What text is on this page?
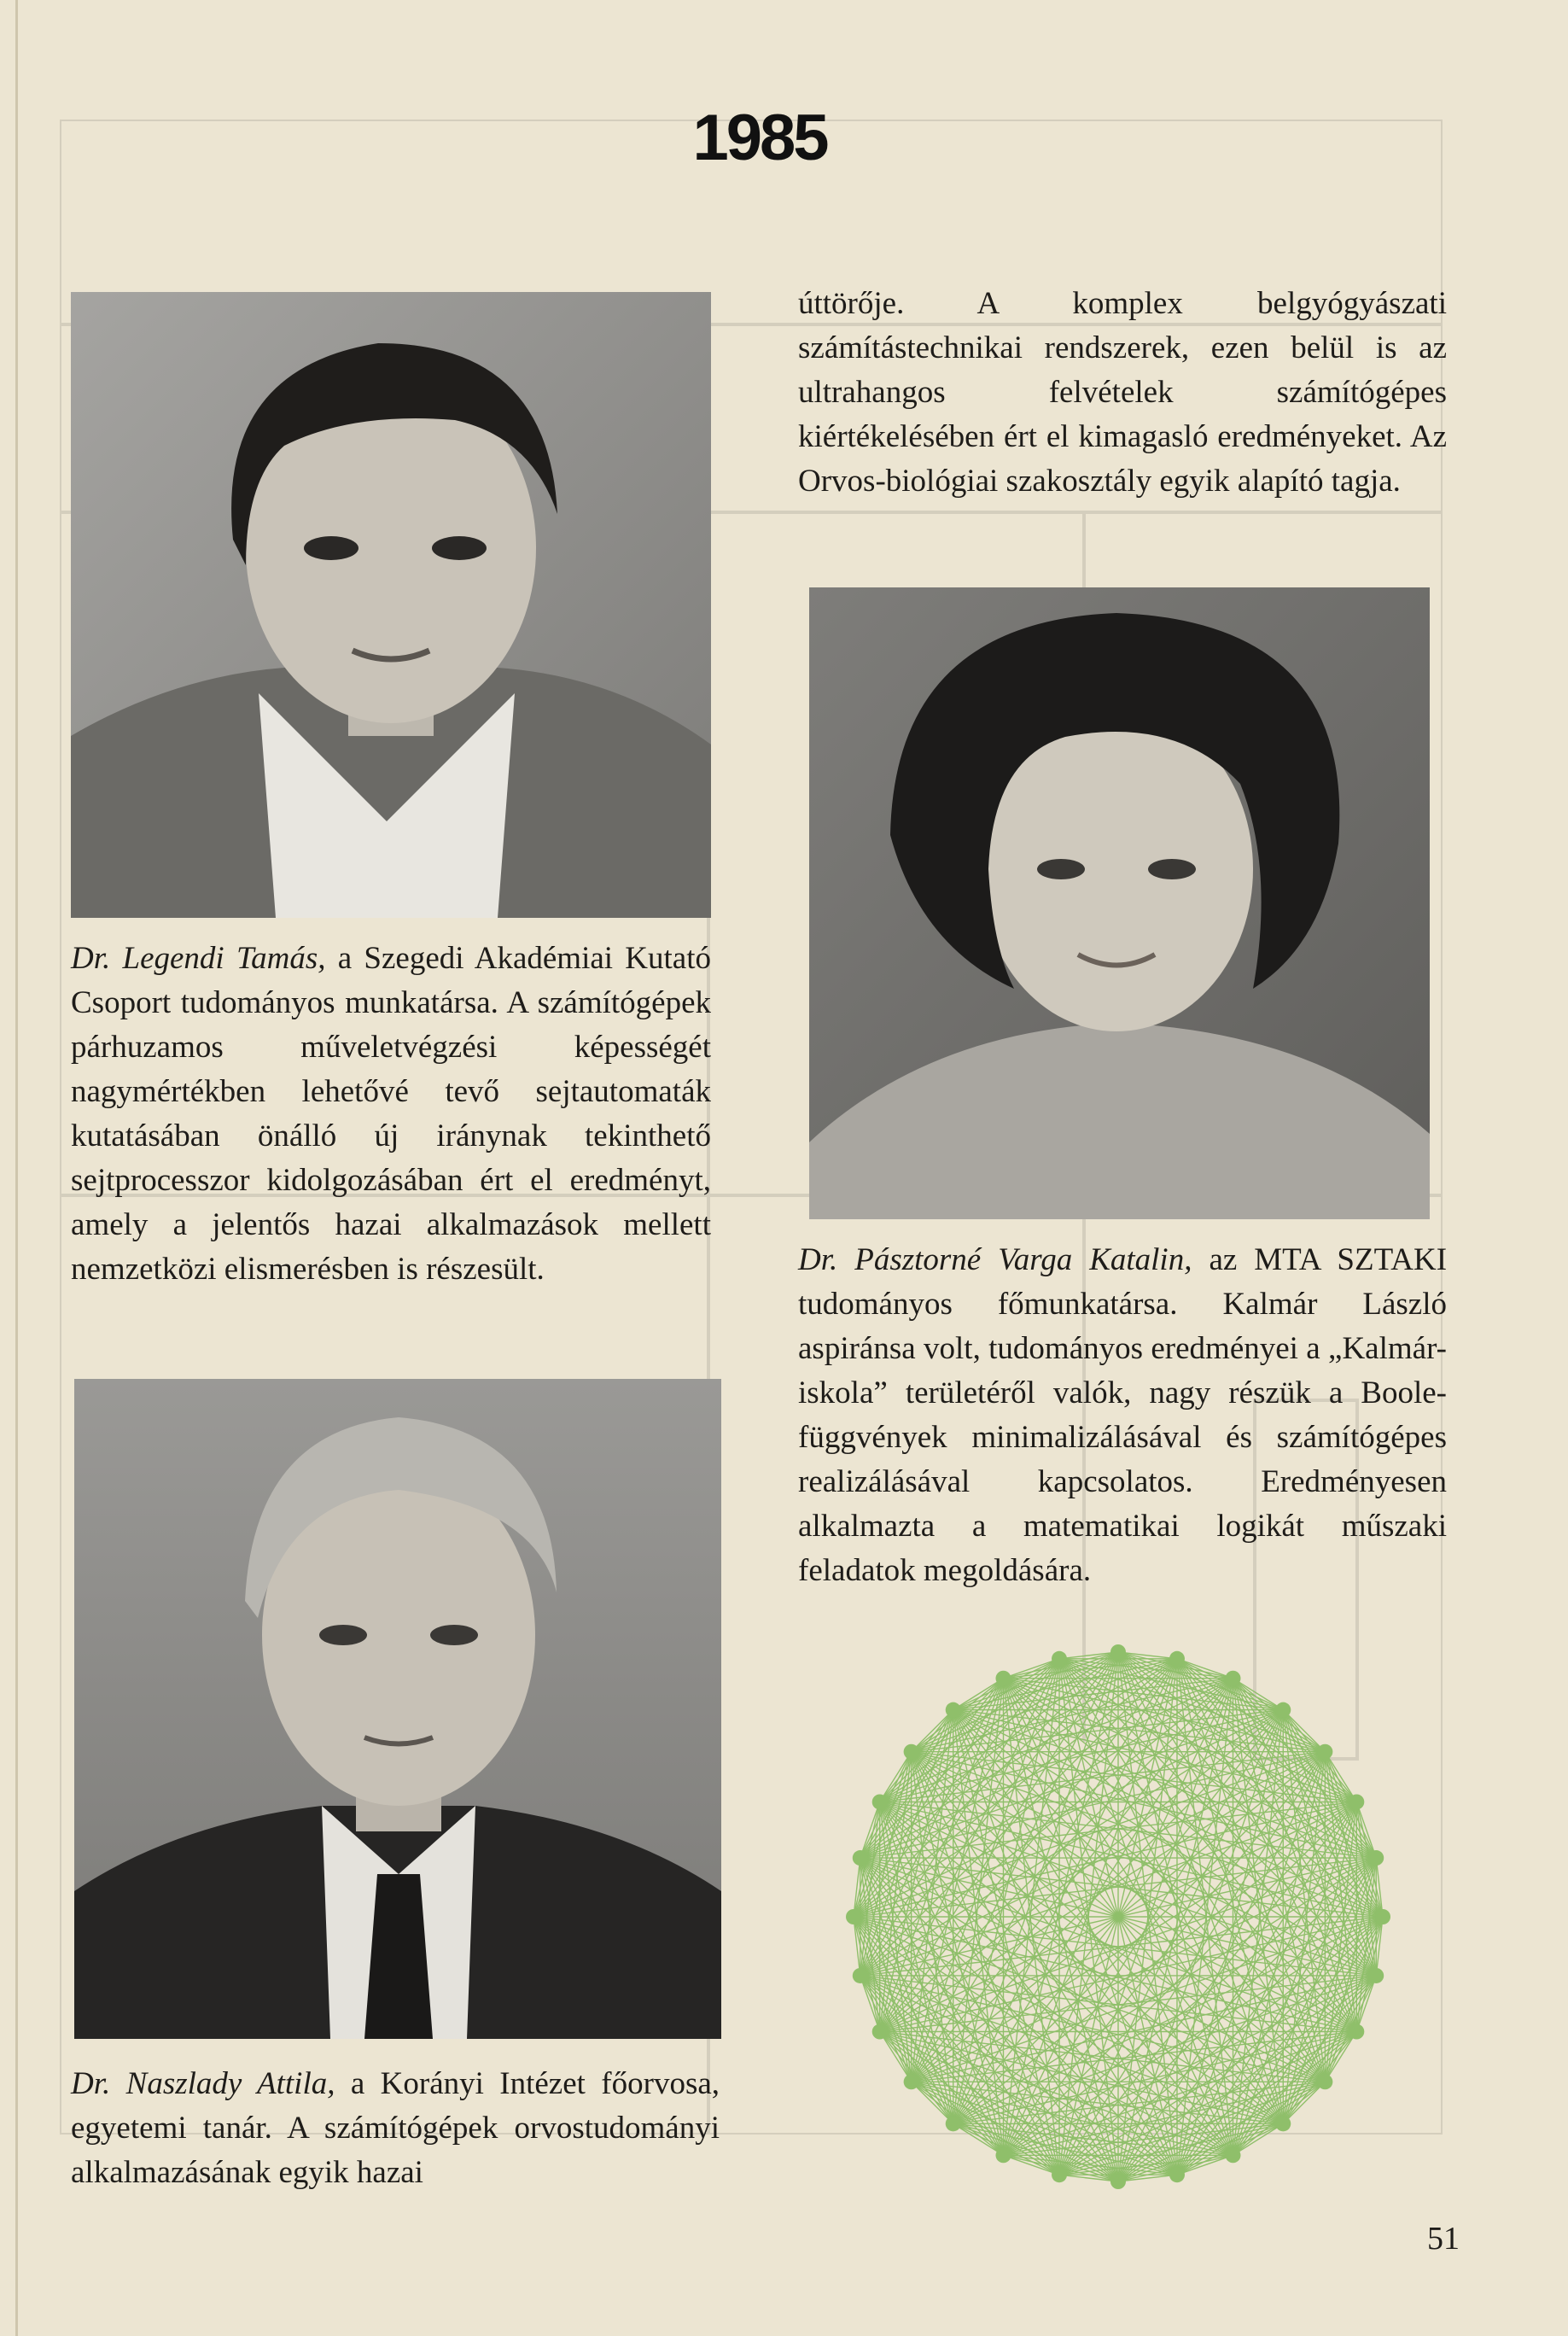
1985
Dr. Legendi Tamás, a Szegedi Akadémiai Kutató Csoport tudományos munkatársa. A számítógépek párhuzamos műveletvégzési képességét nagymértékben lehetővé tevő sejtautomaták kutatásában önálló új iránynak tekinthető sejtprocesszor kidolgozásában ért el eredményt, amely a jelentős hazai alkalmazások mellett nemzetközi elismerésben is részesült.
Dr. Naszlady Attila, a Korányi Intézet főorvosa, egyetemi tanár. A számítógépek orvostudományi alkalmazásának egyik hazai
úttörője. A komplex belgyógyászati számítástechnikai rendszerek, ezen belül is az ultrahangos felvételek számítógépes kiértékelésében ért el kimagasló eredményeket. Az Orvos-biológiai szakosztály egyik alapító tagja.
Dr. Pásztorné Varga Katalin, az MTA SZTAKI tudományos főmunkatársa. Kalmár László aspiránsa volt, tudományos eredményei a „Kalmár-iskola” területéről valók, nagy részük a Boole-függvények minimalizálásával és számítógépes realizálásával kapcsolatos. Eredményesen alkalmazta a matematikai logikát műszaki feladatok megoldására.
51
